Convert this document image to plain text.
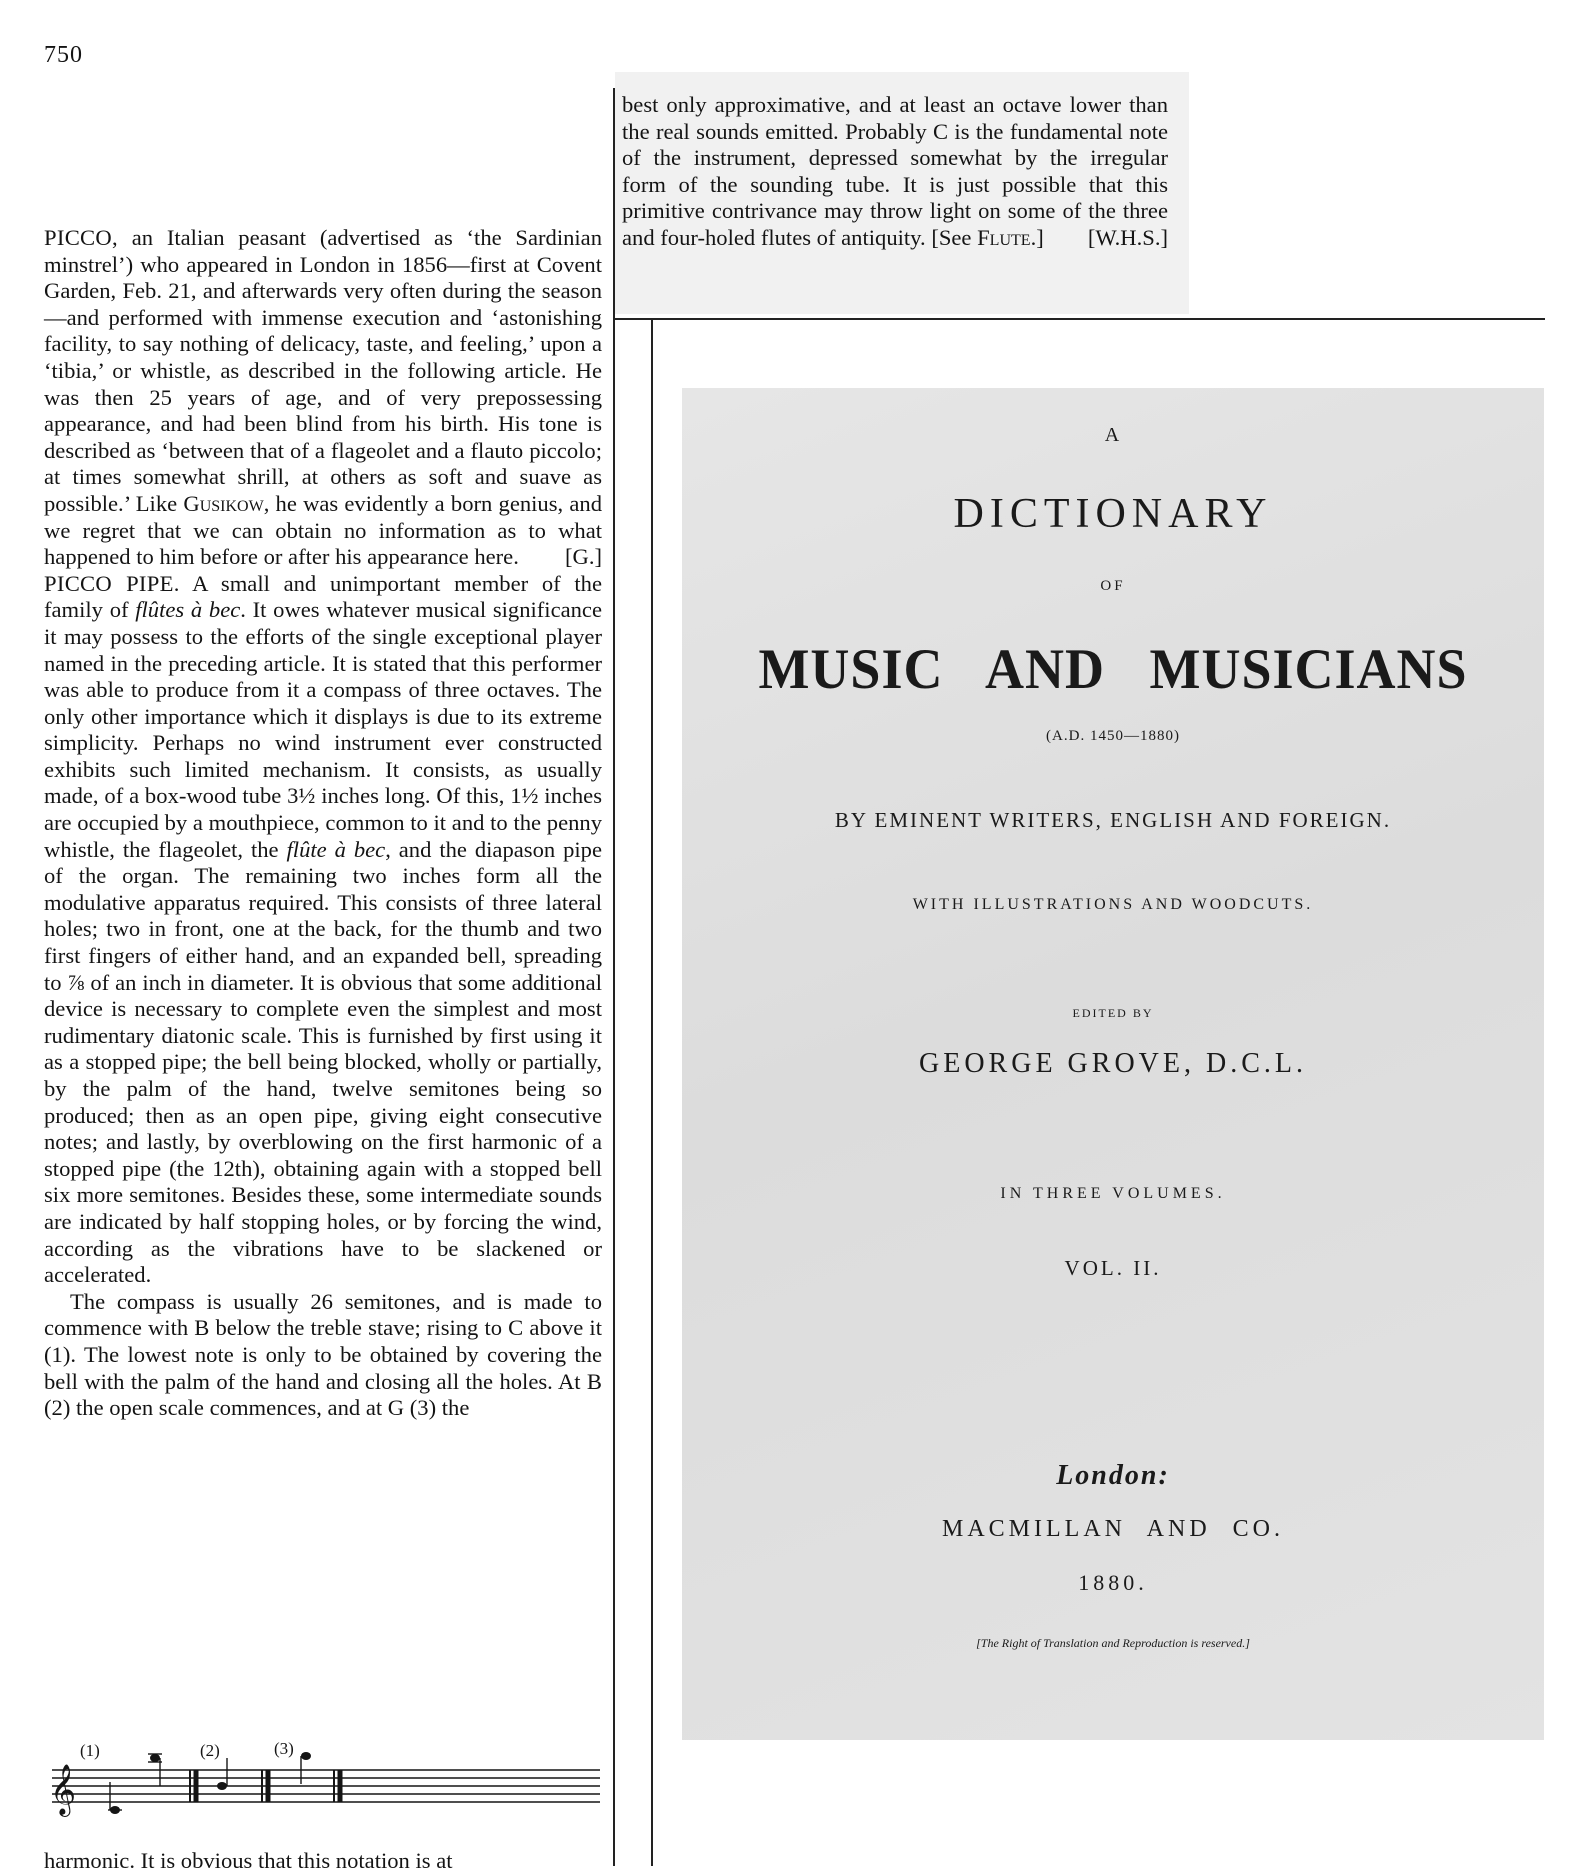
750

PICCO, an Italian peasant (advertised as ‘the Sardinian minstrel’) who appeared in London in 1856—first at Covent Garden, Feb. 21, and afterwards very often during the season—and performed with immense execution and ‘astonishing facility, to say nothing of delicacy, taste, and feeling,’ upon a ‘tibia,’ or whistle, as described in the following article. He was then 25 years of age, and of very prepossessing appearance, and had been blind from his birth. His tone is described as ‘between that of a flageolet and a flauto piccolo; at times somewhat shrill, at others as soft and suave as possible.’ Like Gusikow, he was evidently a born genius, and we regret that we can obtain no information as to what happened to him before or after his appearance here. [G.]

PICCO PIPE. A small and unimportant member of the family of flûtes à bec. It owes whatever musical significance it may possess to the efforts of the single exceptional player named in the preceding article. It is stated that this performer was able to produce from it a compass of three octaves. The only other importance which it displays is due to its extreme simplicity. Perhaps no wind instrument ever constructed exhibits such limited mechanism. It consists, as usually made, of a box-wood tube 3½ inches long. Of this, 1½ inches are occupied by a mouthpiece, common to it and to the penny whistle, the flageolet, the flûte à bec, and the diapason pipe of the organ. The remaining two inches form all the modulative apparatus required. This consists of three lateral holes; two in front, one at the back, for the thumb and two first fingers of either hand, and an expanded bell, spreading to ⅞ of an inch in diameter. It is obvious that some additional device is necessary to complete even the simplest and most rudimentary diatonic scale. This is furnished by first using it as a stopped pipe; the bell being blocked, wholly or partially, by the palm of the hand, twelve semitones being so produced; then as an open pipe, giving eight consecutive notes; and lastly, by overblowing on the first harmonic of a stopped pipe (the 12th), obtaining again with a stopped bell six more semitones. Besides these, some intermediate sounds are indicated by half stopping holes, or by forcing the wind, according as the vibrations have to be slackened or accelerated.

The compass is usually 26 semitones, and is made to commence with B below the treble stave; rising to C above it (1). The lowest note is only to be obtained by covering the bell with the palm of the hand and closing all the holes. At B (2) the open scale commences, and at G (3) the

𝄞
(1)	(2)	(3)
harmonic. It is obvious that this notation is at
best only approximative, and at least an octave lower than the real sounds emitted. Probably C is the fundamental note of the instrument, depressed somewhat by the irregular form of the sounding tube. It is just possible that this primitive contrivance may throw light on some of the three and four-holed flutes of antiquity. [See Flute.] [W.H.S.]
A
DICTIONARY
OF
MUSIC AND MUSICIANS
(A.D. 1450—1880)
BY EMINENT WRITERS, ENGLISH AND FOREIGN.
WITH ILLUSTRATIONS AND WOODCUTS.
EDITED BY
GEORGE GROVE, D.C.L.
IN THREE VOLUMES.
VOL. II.
London:
MACMILLAN AND CO.
1880.
[The Right of Translation and Reproduction is reserved.]
